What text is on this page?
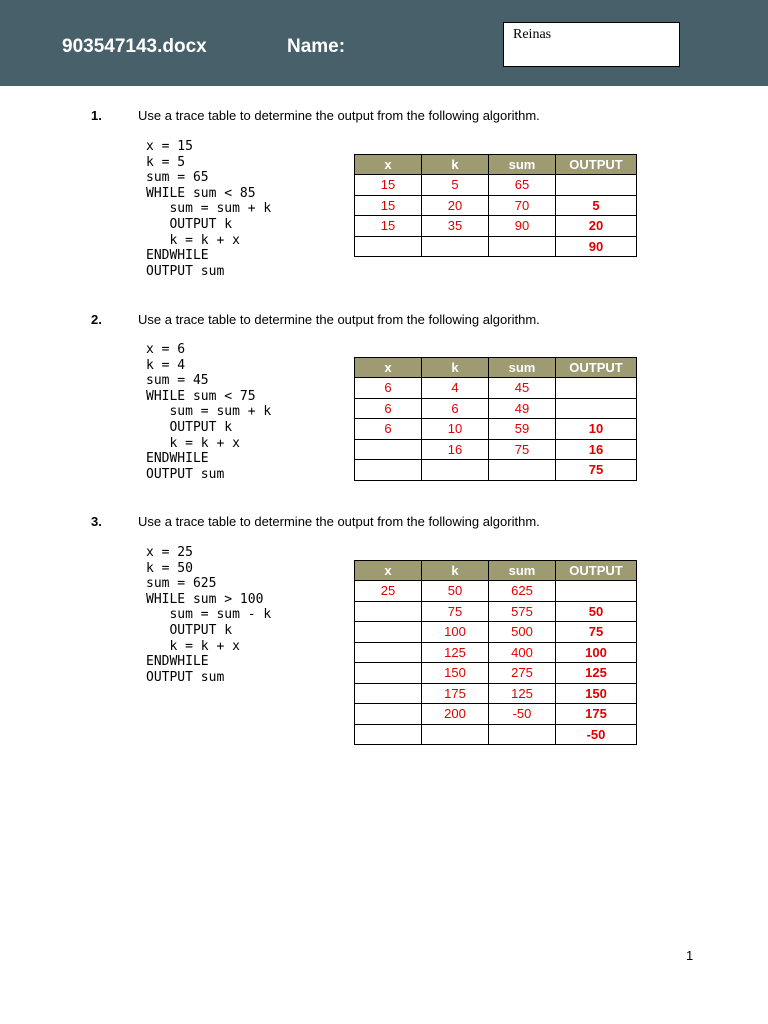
903547143.docx	Name:
Reinas
1.	Use a trace table to determine the output from the following algorithm.
x = 15
k = 5
sum = 65
WHILE sum < 85
sum = sum + k
OUTPUT k
k = k + x
ENDWHILE
OUTPUT sum
x	k	sum	OUTPUT
15	5	65	
15	20	70	5
15	35	90	20
			90
2.	Use a trace table to determine the output from the following algorithm.
x = 6
k = 4
sum = 45
WHILE sum < 75
sum = sum + k
OUTPUT k
k = k + x
ENDWHILE
OUTPUT sum
x	k	sum	OUTPUT
6	4	45	
6	6	49	
6	10	59	10
	16	75	16
			75
3.	Use a trace table to determine the output from the following algorithm.
x = 25
k = 50
sum = 625
WHILE sum > 100
sum = sum - k
OUTPUT k
k = k + x
ENDWHILE
OUTPUT sum
x	k	sum	OUTPUT
25	50	625	
	75	575	50
	100	500	75
	125	400	100
	150	275	125
	175	125	150
	200	-50	175
			-50
1
